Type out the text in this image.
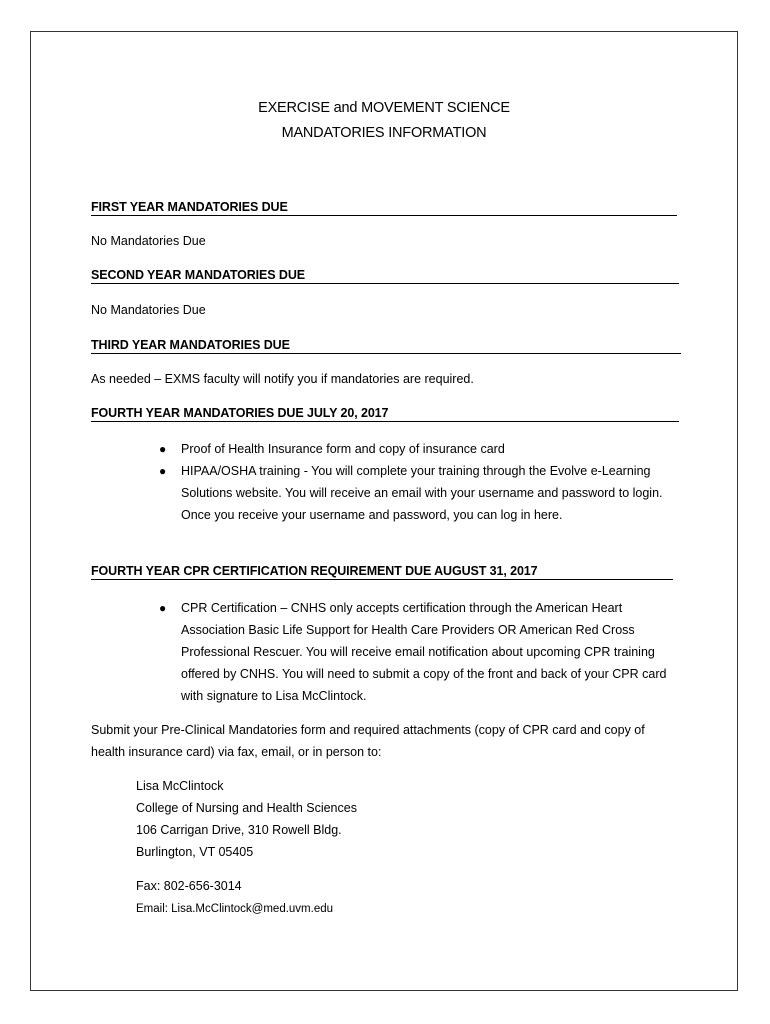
EXERCISE and MOVEMENT SCIENCE
MANDATORIES INFORMATION
FIRST YEAR MANDATORIES DUE
No Mandatories Due
SECOND YEAR MANDATORIES DUE
No Mandatories Due
THIRD YEAR MANDATORIES DUE
As needed – EXMS faculty will notify you if mandatories are required.
FOURTH YEAR MANDATORIES DUE JULY 20, 2017
● Proof of Health Insurance form and copy of insurance card
● HIPAA/OSHA training - You will complete your training through the Evolve e-Learning Solutions website. You will receive an email with your username and password to login. Once you receive your username and password, you can log in here.
FOURTH YEAR CPR CERTIFICATION REQUIREMENT DUE AUGUST 31, 2017
● CPR Certification – CNHS only accepts certification through the American Heart Association Basic Life Support for Health Care Providers OR American Red Cross Professional Rescuer. You will receive email notification about upcoming CPR training offered by CNHS. You will need to submit a copy of the front and back of your CPR card with signature to Lisa McClintock.
Submit your Pre-Clinical Mandatories form and required attachments (copy of CPR card and copy of health insurance card) via fax, email, or in person to:
Lisa McClintock
College of Nursing and Health Sciences
106 Carrigan Drive, 310 Rowell Bldg.
Burlington, VT 05405
Fax: 802-656-3014
Email: Lisa.McClintock@med.uvm.edu
